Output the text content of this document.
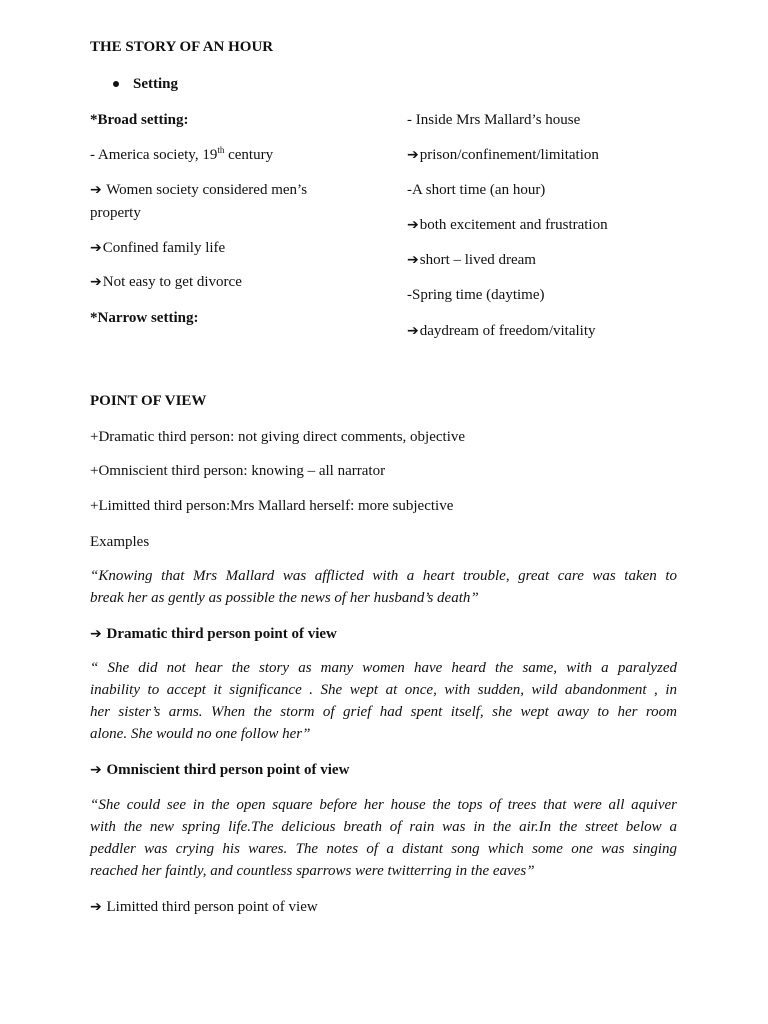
THE STORY OF AN HOUR
Setting
*Broad setting:
- America society, 19th century
➔ Women society considered men’s
property
➔Confined family life
➔Not easy to get divorce
*Narrow setting:
- Inside Mrs Mallard’s house
➔prison/confinement/limitation
-A short time (an hour)
➔both excitement and frustration
➔short – lived dream
-Spring time (daytime)
➔daydream of freedom/vitality
POINT OF VIEW
+Dramatic third person: not giving direct comments, objective
+Omniscient third person: knowing – all narrator
+Limitted third person:Mrs Mallard herself: more subjective
Examples
“Knowing that Mrs Mallard was afflicted with a heart trouble, great care was taken to
break her as gently as possible the news of her husband’s death”
➔ Dramatic third person point of view
“ She did not hear the story as many women have heard the same, with a paralyzed
inability to accept it significance . She wept at once, with sudden, wild abandonment , in
her sister’s arms. When the storm of grief had spent itself, she wept away to her room
alone. She would no one follow her”
➔ Omniscient third person point of view
“She could see in the open square before her house the tops of trees that were all aquiver
with the new spring life.The delicious breath of rain was in the air.In the street below a
peddler was crying his wares. The notes of a distant song which some one was singing
reached her faintly, and countless sparrows were twitterring in the eaves”
➔ Limitted third person point of view
